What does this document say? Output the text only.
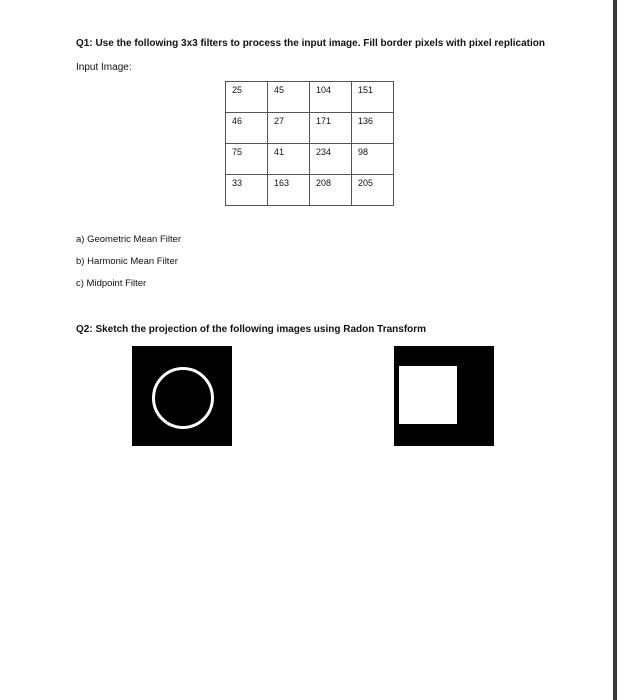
Q1: Use the following 3x3 filters to process the input image. Fill border pixels with pixel replication
Input Image:
25	45	104	151
46	27	171	136
75	41	234	98
33	163	208	205
a) Geometric Mean Filter
b) Harmonic Mean Filter
c) Midpoint Filter
Q2: Sketch the projection of the following images using Radon Transform
